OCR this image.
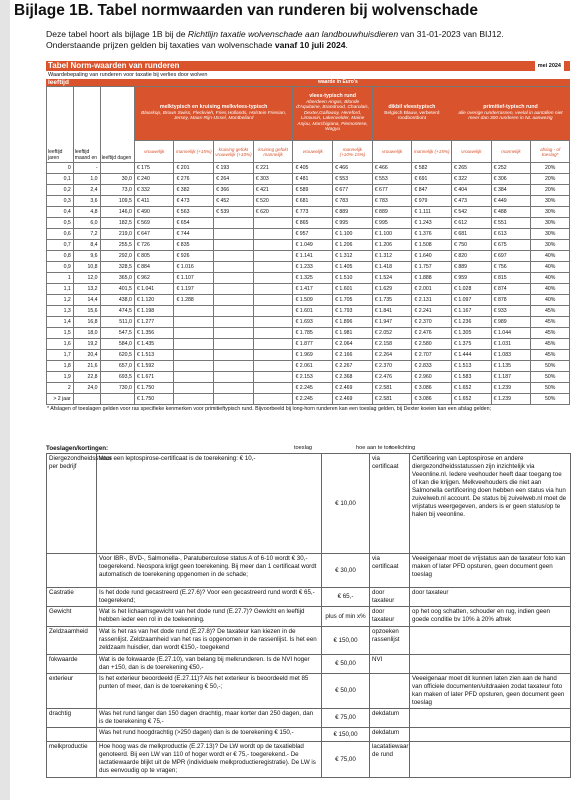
Bijlage 1B. Tabel normwaarden van runderen bij wolvenschade
Deze tabel hoort als bijlage 1B bij de Richtlijn taxatie wolvenschade aan landbouwhuisdieren van 31-01-2023 van BIJ12.
Onderstaande prijzen gelden bij taxaties van wolvenschade vanaf 10 juli 2024.
Tabel Norm-waarden van runderen	mei 2024
Waardebepaling van runderen voor taxatie bij verlies door wolven
leeftijd	waarde in Euro's
leeftijd jaren	leeftijd maand en	leeftijd dagen	melktypisch en kruising melkvlees-typisch
Blaarkop, Brown Swiss, Fleckvieh, Fries,Hollands, Holstein Friesian, Jersey, Maas-Rijn-IJssel, Montbeliard				vlees-typisch rund
Aberdeen Angus, Blonde d'Aquitaine, Brandrood, Charolais, Dexter,Galloway, Hereford, Limousin, Lakenvelder, Maine Anjou, Marchigiana, Piemontese, Wagyu		dikbil vleestypisch
Belgisch Blauw, verbeterd roodbontbont		primitief-typisch rund
alle overige runderrassen, veelal in aantallen niet meer dan 300 runderen in NL aanwezig		
			vrouwelijk	mannelijk (+15%)	kruising gefokt vrouwelijk (+10%)	kruising gefokt mannelijk	vrouwelijk	mannelijk (+10%-15%)	vrouwelijk	mannelijk (+15%)	vrouwelijk	mannelijk	afslag - of toeslag*
0	-		€ 175	€ 201	€ 193	€ 221	€ 405	€ 466	€ 466	€ 582	€ 265	€ 252	20%
0,1	1,0	30,0	€ 240	€ 276	€ 264	€ 303	€ 481	€ 553	€ 553	€ 691	€ 322	€ 306	20%
0,2	2,4	73,0	€ 332	€ 382	€ 366	€ 421	€ 589	€ 677	€ 677	€ 847	€ 404	€ 384	20%
0,3	3,6	109,5	€ 411	€ 473	€ 452	€ 520	€ 681	€ 783	€ 783	€ 979	€ 473	€ 449	30%
0,4	4,8	146,0	€ 490	€ 563	€ 539	€ 620	€ 773	€ 889	€ 889	€ 1.111	€ 542	€ 488	30%
0,5	6,0	182,5	€ 569	€ 654			€ 865	€ 995	€ 995	€ 1.243	€ 612	€ 551	30%
0,6	7,2	219,0	€ 647	€ 744			€ 957	€ 1.100	€ 1.100	€ 1.376	€ 681	€ 613	30%
0,7	8,4	255,5	€ 726	€ 835			€ 1.049	€ 1.206	€ 1.206	€ 1.508	€ 750	€ 675	30%
0,8	9,6	292,0	€ 805	€ 926			€ 1.141	€ 1.312	€ 1.312	€ 1.640	€ 820	€ 697	40%
0,9	10,8	328,5	€ 884	€ 1.016			€ 1.233	€ 1.405	€ 1.418	€ 1.757	€ 889	€ 756	40%
1	12,0	365,0	€ 962	€ 1.107			€ 1.325	€ 1.510	€ 1.524	€ 1.888	€ 959	€ 815	40%
1,1	13,2	401,5	€ 1.041	€ 1.197			€ 1.417	€ 1.601	€ 1.629	€ 2.001	€ 1.028	€ 874	40%
1,2	14,4	438,0	€ 1.120	€ 1.288			€ 1.509	€ 1.705	€ 1.735	€ 2.131	€ 1.097	€ 878	40%
1,3	15,6	474,5	€ 1.198				€ 1.601	€ 1.793	€ 1.841	€ 2.241	€ 1.167	€ 933	45%
1,4	16,8	511,0	€ 1.277				€ 1.693	€ 1.896	€ 1.947	€ 2.370	€ 1.236	€ 989	45%
1,5	18,0	547,5	€ 1.356				€ 1.785	€ 1.981	€ 2.052	€ 2.476	€ 1.305	€ 1.044	45%
1,6	19,2	584,0	€ 1.435				€ 1.877	€ 2.064	€ 2.158	€ 2.580	€ 1.375	€ 1.031	45%
1,7	20,4	620,5	€ 1.513				€ 1.969	€ 2.166	€ 2.264	€ 2.707	€ 1.444	€ 1.083	45%
1,8	21,6	657,0	€ 1.592				€ 2.061	€ 2.267	€ 2.370	€ 2.833	€ 1.513	€ 1.135	50%
1,9	22,8	693,5	€ 1.671				€ 2.153	€ 2.368	€ 2.476	€ 2.960	€ 1.583	€ 1.187	50%
2	24,0	730,0	€ 1.750				€ 2.245	€ 2.469	€ 2.581	€ 3.086	€ 1.652	€ 1.239	50%
> 2 jaar			€ 1.750				€ 2.245	€ 2.469	€ 2.581	€ 3.086	€ 1.652	€ 1.239	50%
* Afslagen of toeslagen gelden voor ras specifieke kenmerken voor primitieftypisch rund. Bijvoorbeeld bij long-horn runderen kan een toeslag gelden, bij Dexter koeien kan een afslag gelden;
Toeslagen/kortingen:	toeslag	hoe aan te ton
toelichting
Diergezondheidsstatus per bedrijf	Voor een leptospirose-certificaat is de toerekening: € 10,-	€ 10,00	via certificaat	Certificering van Leptospirose en andere diergezondheidsstatussen zijn inzichtelijk via Veeonline.nl. Iedere veehouder heeft daar toegang toe of kan die krijgen. Melkveehouders die niet aan Salmonella certificering doen hebben een status via hun zuivelweb.nl account. De status bij zuivelweb.nl moet de vrijstatus weergegeven, anders is er geen status/op te halen bij veeonline.
	Voor IBR-, BVD-, Salmonella-, Paratuberculose status A of 6-10 wordt € 30,- toegerekend. Neospora krijgt geen toerekening. Bij meer dan 1 certificaat wordt automatisch de toerekening opgenomen in de schade;	€ 30,00	via certificaat	Veeeigenaar moet de vrijstatus aan de taxateur foto kan maken of later PFD opsturen, geen document geen toeslag
Castratie	Is het dode rund gecastreerd (E.27.6)? Voor een gecastreerd rund wordt € 65,- toegerekend;	€ 65,-	door taxateur	door taxateur
Gewicht	Wat is het lichaamsgewicht van het dode rund (E.27.7)? Gewicht en leeftijd hebben ieder een rol in de toekenning.	plus of min x%	door taxateur	op het oog schatten, schouder en rug, indien geen goede conditie bv 10% à 20% aftrek
Zeldzaamheid	Wat is het ras van het dode rund (E.27.8)? De taxateur kan kiezen in de rassenlijst. Zeldzaamheid van het ras is opgenomen in de rassenlijst. Is het een zeldzaam huisdier, dan wordt €150,- toegekend	€ 150,00	opzoeken rassenlijst	
fokwaarde	Wat is de fokwaarde (E.27.10), van belang bij melkrunderen. Is de NVI hoger dan +150, dan is de toerekening €50,-	€ 50,00	NVI	
exterieur	Is het exterieur beoordeeld (E.27.11)? Als het exterieur is beoordeeld met 85 punten of meer, dan is de toerekening € 50,-;	€ 50,00		Veeeigenaar moet dit kunnen laten zien aan de hand van officiele documenten/uitdraaien zodat taxateur foto kan maken of later PFD opsturen, geen document geen toeslag
drachtig	Was het rund langer dan 150 dagen drachtig, maar korter dan 250 dagen, dan is de toerekening € 75,-	€ 75,00	dekdatum	
	Was het rund hoogdrachtig (>250 dagen) dan is de toerekening € 150,-	€ 150,00	dekdatum	
melkproductie	Hoe hoog was de melkproductie (E.27.13)? De LW wordt op de taxatieblad genoteerd. Bij een LW van 110 of hoger wordt er € 75,- toegerekend.- De lactatiewaarde blijkt uit de MPR (individuele melkproductieregistratie). De LW is dus eenvoudig op te vragen;	€ 75,00	lacatatiewaar de rund	
